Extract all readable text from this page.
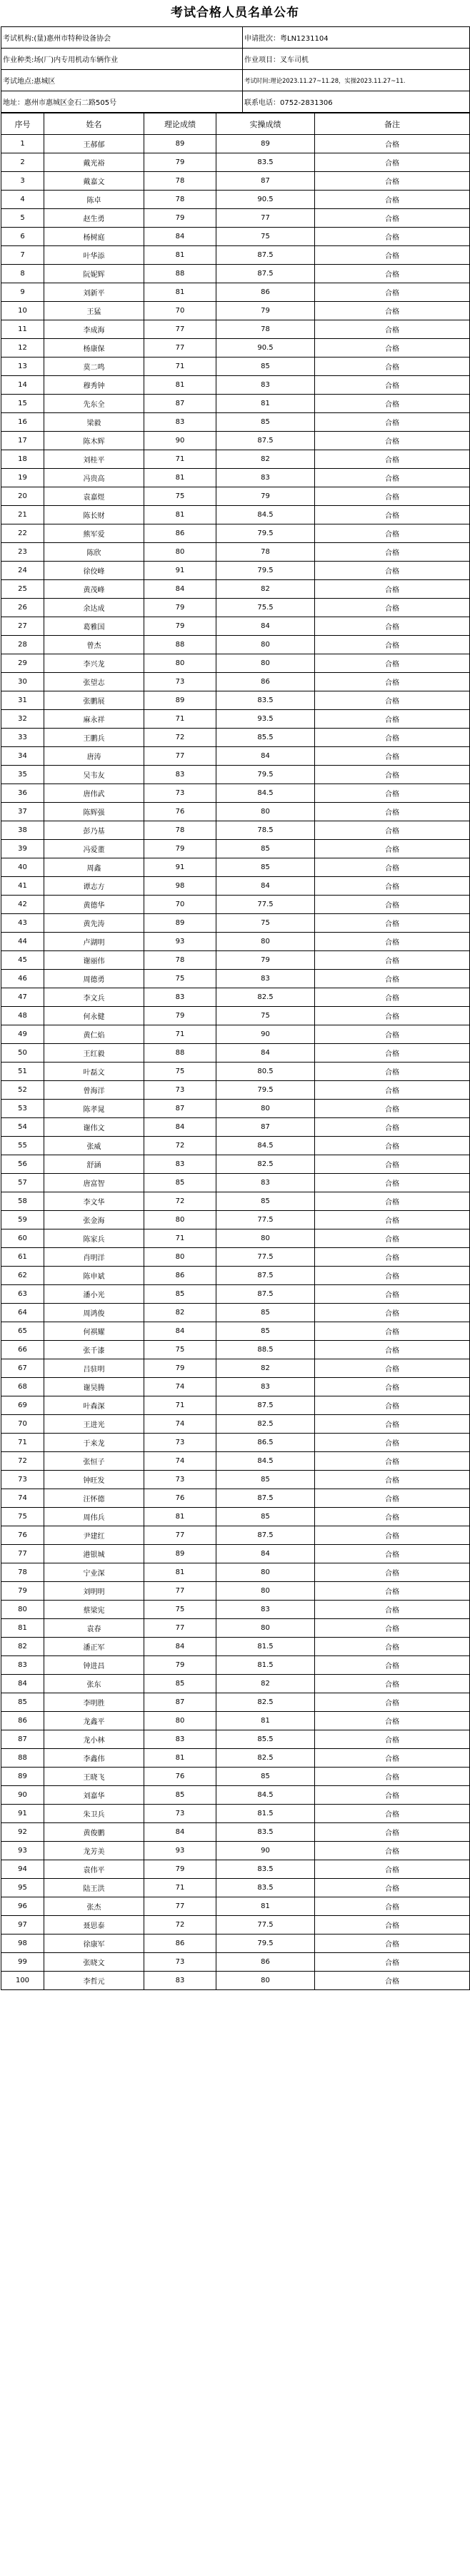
考试合格人员名单公布
考试机构:(量)惠州市特种设备协会	申请批次：粤LN1231104
作业种类:场(厂)内专用机动车辆作业	作业项目：叉车司机
考试地点:惠城区	考试时间:理论2023.11.27~11.28，实操2023.11.27~11.
地址：惠州市惠城区金石二路505号	联系电话：0752-2831306
序号	姓名	理论成绩	实操成绩	备注
1	王郝郁	89	89	合格
2	戴光裕	79	83.5	合格
3	戴嘉文	78	87	合格
4	陈卓	78	90.5	合格
5	赵生勇	79	77	合格
6	杨树庭	84	75	合格
7	叶华添	81	87.5	合格
8	阮妮辉	88	87.5	合格
9	刘新平	81	86	合格
10	王猛	70	79	合格
11	李成海	77	78	合格
12	杨康保	77	90.5	合格
13	莫二鸣	71	85	合格
14	穆秀钟	81	83	合格
15	先东全	87	81	合格
16	梁毅	83	85	合格
17	陈木辉	90	87.5	合格
18	刘桂平	71	82	合格
19	冯贵高	81	83	合格
20	袁嘉煜	75	79	合格
21	陈长财	81	84.5	合格
22	熊军爱	86	79.5	合格
23	陈欣	80	78	合格
24	徐佼峰	91	79.5	合格
25	黄茂峰	84	82	合格
26	余达成	79	75.5	合格
27	葛雅国	79	84	合格
28	曾杰	88	80	合格
29	李兴龙	80	80	合格
30	张望志	73	86	合格
31	张鹏展	89	83.5	合格
32	麻永祥	71	93.5	合格
33	王鹏兵	72	85.5	合格
34	唐涛	77	84	合格
35	吴韦友	83	79.5	合格
36	唐伟武	73	84.5	合格
37	陈辉强	76	80	合格
38	彭乃基	78	78.5	合格
39	冯爱董	79	85	合格
40	周鑫	91	85	合格
41	谭志方	98	84	合格
42	黄德华	70	77.5	合格
43	黄先涛	89	75	合格
44	卢湖明	93	80	合格
45	谢丽伟	78	79	合格
46	周德勇	75	83	合格
47	李文兵	83	82.5	合格
48	何永健	79	75	合格
49	黄仁焰	71	90	合格
50	王红毅	88	84	合格
51	叶磊文	75	80.5	合格
52	曾海洋	73	79.5	合格
53	陈孝晁	87	80	合格
54	谢伟文	84	87	合格
55	张威	72	84.5	合格
56	舒涵	83	82.5	合格
57	唐富智	85	83	合格
58	李文华	72	85	合格
59	张金海	80	77.5	合格
60	陈家兵	71	80	合格
61	肖明洋	80	77.5	合格
62	陈申斌	86	87.5	合格
63	潘小光	85	87.5	合格
64	周鸿俊	82	85	合格
65	何祺耀	84	85	合格
66	张千漆	75	88.5	合格
67	吕驻明	79	82	合格
68	谢昊腾	74	83	合格
69	叶森深	71	87.5	合格
70	王进光	74	82.5	合格
71	于来龙	73	86.5	合格
72	张恒子	74	84.5	合格
73	钟旺发	73	85	合格
74	汪怀德	76	87.5	合格
75	周伟兵	81	85	合格
76	尹建红	77	87.5	合格
77	港银城	89	84	合格
78	宁业深	81	80	合格
79	刘明明	77	80	合格
80	蔡梁宪	75	83	合格
81	袁春	77	80	合格
82	潘正军	84	81.5	合格
83	钟进昌	79	81.5	合格
84	张东	85	82	合格
85	李明胜	87	82.5	合格
86	龙鑫平	80	81	合格
87	龙小林	83	85.5	合格
88	李鑫伟	81	82.5	合格
89	王晓飞	76	85	合格
90	刘嘉华	85	84.5	合格
91	朱卫兵	73	81.5	合格
92	黄俊鹏	84	83.5	合格
93	龙芳美	93	90	合格
94	袁伟平	79	83.5	合格
95	陆王洪	71	83.5	合格
96	张杰	77	81	合格
97	聂思泰	72	77.5	合格
98	徐康军	86	79.5	合格
99	张晓文	73	86	合格
100	李哲元	83	80	合格
